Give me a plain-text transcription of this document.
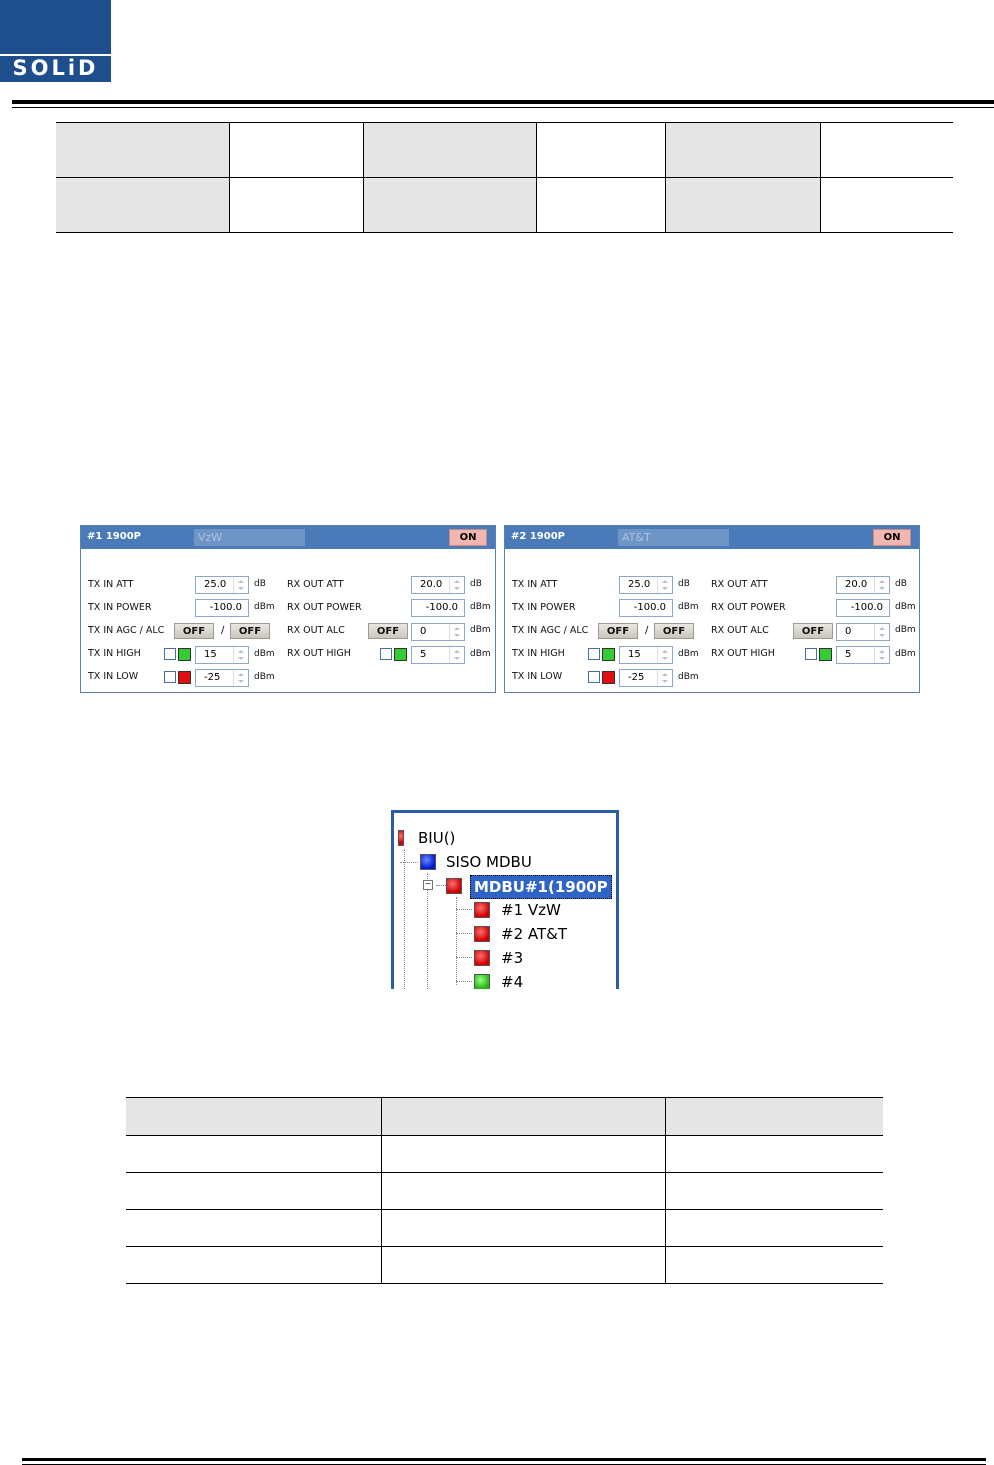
SOLiD

#1 1900P	VzW	ON
TX IN ATT	25.0	dB
TX IN POWER	-100.0 dBm
TX IN AGC / ALC	OFF	/	OFF
TX IN HIGH	15	dBm
TX IN LOW	-25	dBm
RX OUT ATT	20.0	dB
RX OUT POWER	-100.0 dBm
RX OUT ALC	OFF	0	dBm
RX OUT HIGH	5	dBm
#2 1900P	AT&T	ON
TX IN ATT	25.0	dB
TX IN POWER	-100.0 dBm
TX IN AGC / ALC	OFF	/	OFF
TX IN HIGH	15	dBm
TX IN LOW	-25	dBm
RX OUT ATT	20.0	dB
RX OUT POWER	-100.0 dBm
RX OUT ALC	OFF	0	dBm
RX OUT HIGH	5	dBm
BIU()
SISO MDBU
−	MDBU#1(1900P
#1 VzW
#2 AT&T
#3
#4
